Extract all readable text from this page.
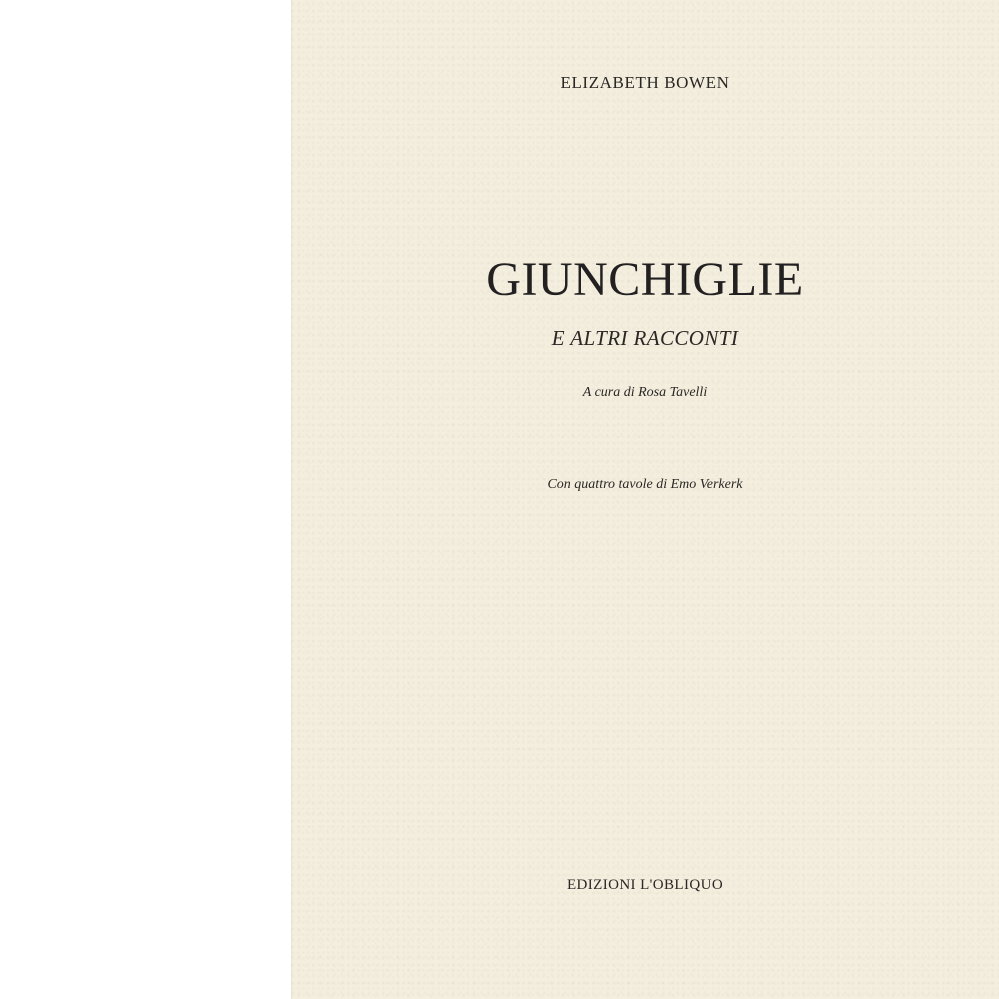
ELIZABETH BOWEN
GIUNCHIGLIE
E ALTRI RACCONTI
A cura di Rosa Tavelli
Con quattro tavole di Emo Verkerk
EDIZIONI L'OBLIQUO
